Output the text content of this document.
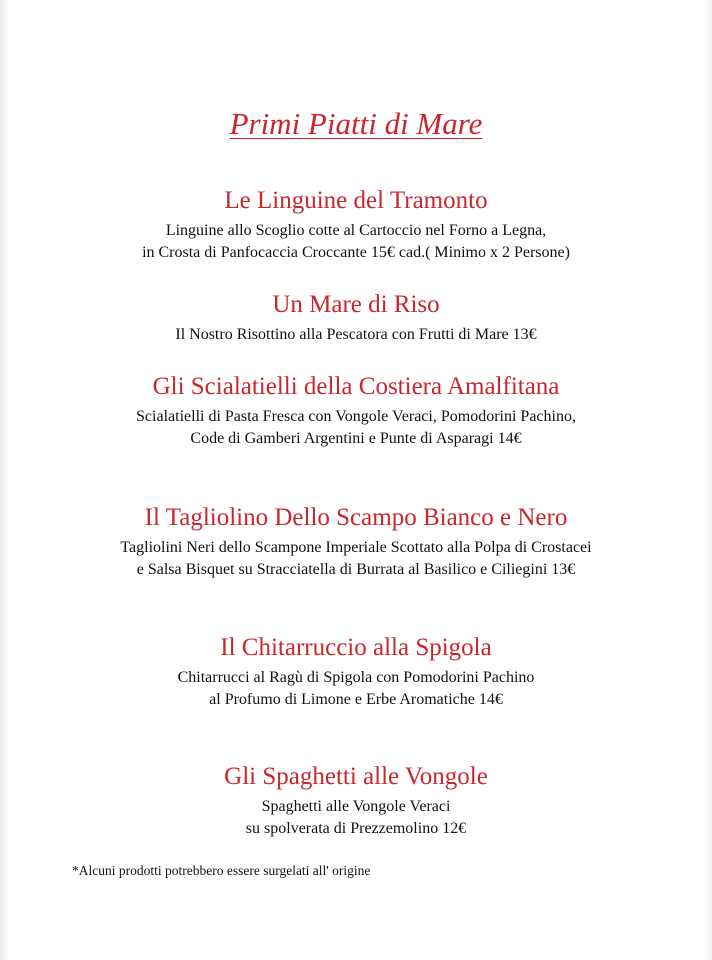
Primi Piatti di Mare
Le Linguine del Tramonto

Linguine allo Scoglio cotte al Cartoccio nel Forno a Legna,
in Crosta di Panfocaccia Croccante 15€ cad.( Minimo x 2 Persone)

Un Mare di Riso

Il Nostro Risottino alla Pescatora con Frutti di Mare 13€

Gli Scialatielli della Costiera Amalfitana

Scialatielli di Pasta Fresca con Vongole Veraci, Pomodorini Pachino,
Code di Gamberi Argentini e Punte di Asparagi 14€

Il Tagliolino Dello Scampo Bianco e Nero

Tagliolini Neri dello Scampone Imperiale Scottato alla Polpa di Crostacei
e Salsa Bisquet su Stracciatella di Burrata al Basilico e Ciliegini 13€

Il Chitarruccio alla Spigola

Chitarrucci al Ragù di Spigola con Pomodorini Pachino
al Profumo di Limone e Erbe Aromatiche 14€

Gli Spaghetti alle Vongole

Spaghetti alle Vongole Veraci
su spolverata di Prezzemolino 12€

*Alcuni prodotti potrebbero essere surgelati all' origine
